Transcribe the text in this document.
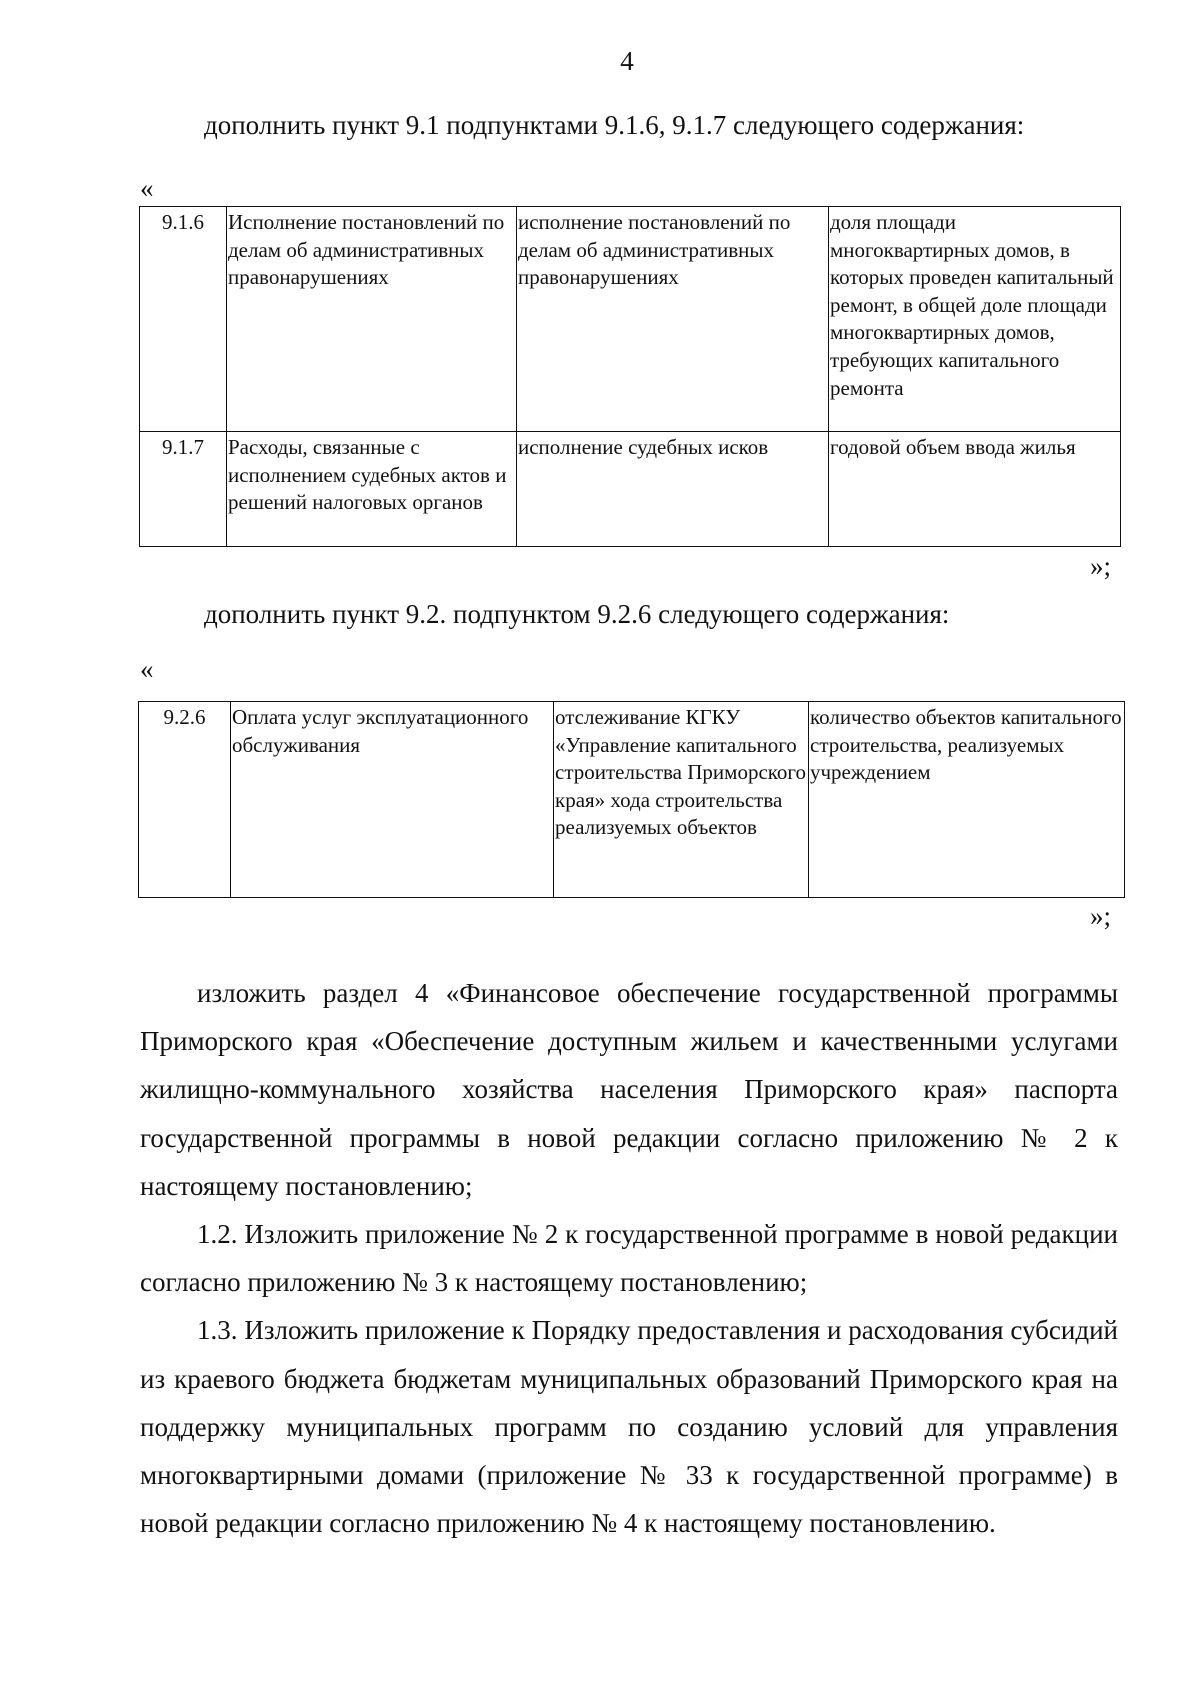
4
дополнить пункт 9.1 подпунктами 9.1.6, 9.1.7 следующего содержания:
«
9.1.6	Исполнение постановлений по делам об административных правонарушениях	исполнение постановлений по делам об административных правонарушениях	доля площади многоквартирных домов, в которых проведен капитальный ремонт, в общей доле площади многоквартирных домов, требующих капитального ремонта
9.1.7	Расходы, связанные с исполнением судебных актов и решений налоговых органов	исполнение судебных исков	годовой объем ввода жилья
»;
дополнить пункт 9.2. подпунктом 9.2.6 следующего содержания:
«
9.2.6	Оплата услуг эксплуатационного обслуживания	отслеживание КГКУ «Управление капитального строительства Приморского края» хода строительства реализуемых объектов	количество объектов капитального строительства, реализуемых учреждением
»;

изложить раздел 4 «Финансовое обеспечение государственной программы Приморского края «Обеспечение доступным жильем и качественными услугами жилищно-коммунального хозяйства населения Приморского края» паспорта государственной программы в новой редакции согласно приложению № 2 к настоящему постановлению;

1.2. Изложить приложение № 2 к государственной программе в новой редакции согласно приложению № 3 к настоящему постановлению;

1.3. Изложить приложение к Порядку предоставления и расходования субсидий из краевого бюджета бюджетам муниципальных образований Приморского края на поддержку муниципальных программ по созданию условий для управления многоквартирными домами (приложение № 33 к государственной программе) в новой редакции согласно приложению № 4 к настоящему постановлению.
